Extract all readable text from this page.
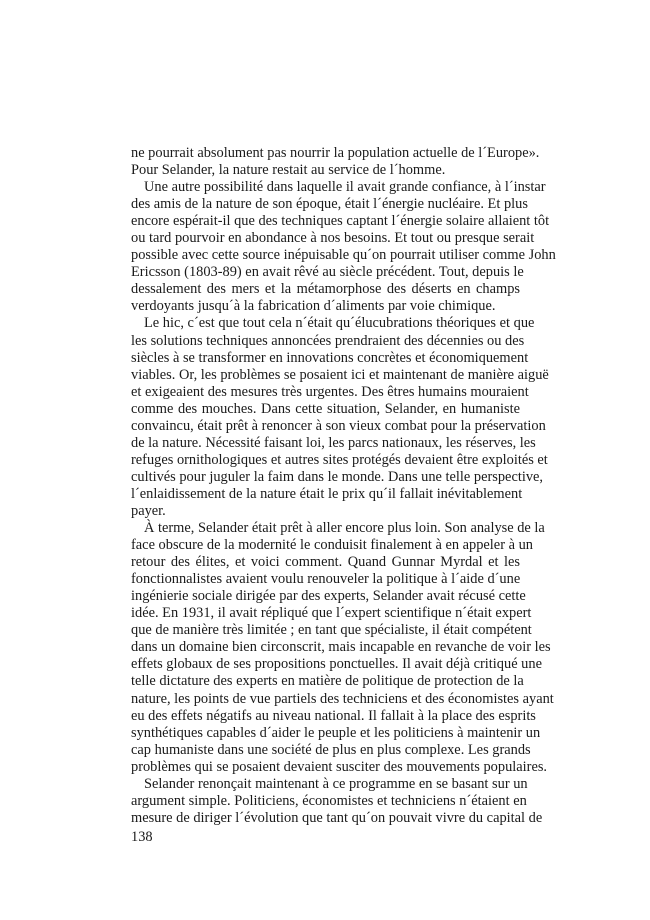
ne pourrait absolument pas nourrir la population actuelle de l´Europe».
Pour Selander, la nature restait au service de l´homme.
Une autre possibilité dans laquelle il avait grande confiance, à l´instar
des amis de la nature de son époque, était l´énergie nucléaire. Et plus
encore espérait-il que des techniques captant l´énergie solaire allaient tôt
ou tard pourvoir en abondance à nos besoins. Et tout ou presque serait
possible avec cette source inépuisable qu´on pourrait utiliser comme John
Ericsson (1803-89) en avait rêvé au siècle précédent. Tout, depuis le
dessalement des mers et la métamorphose des déserts en champs
verdoyants jusqu´à la fabrication d´aliments par voie chimique.
Le hic, c´est que tout cela n´était qu´élucubrations théoriques et que
les solutions techniques annoncées prendraient des décennies ou des
siècles à se transformer en innovations concrètes et économiquement
viables. Or, les problèmes se posaient ici et maintenant de manière aiguë
et exigeaient des mesures très urgentes. Des êtres humains mouraient
comme des mouches. Dans cette situation, Selander, en humaniste
convaincu, était prêt à renoncer à son vieux combat pour la préservation
de la nature. Nécessité faisant loi, les parcs nationaux, les réserves, les
refuges ornithologiques et autres sites protégés devaient être exploités et
cultivés pour juguler la faim dans le monde. Dans une telle perspective,
l´enlaidissement de la nature était le prix qu´il fallait inévitablement
payer.
À terme, Selander était prêt à aller encore plus loin. Son analyse de la
face obscure de la modernité le conduisit finalement à en appeler à un
retour des élites, et voici comment. Quand Gunnar Myrdal et les
fonctionnalistes avaient voulu renouveler la politique à l´aide d´une
ingénierie sociale dirigée par des experts, Selander avait récusé cette
idée. En 1931, il avait répliqué que l´expert scientifique n´était expert
que de manière très limitée ; en tant que spécialiste, il était compétent
dans un domaine bien circonscrit, mais incapable en revanche de voir les
effets globaux de ses propositions ponctuelles. Il avait déjà critiqué une
telle dictature des experts en matière de politique de protection de la
nature, les points de vue partiels des techniciens et des économistes ayant
eu des effets négatifs au niveau national. Il fallait à la place des esprits
synthétiques capables d´aider le peuple et les politiciens à maintenir un
cap humaniste dans une société de plus en plus complexe. Les grands
problèmes qui se posaient devaient susciter des mouvements populaires.
Selander renonçait maintenant à ce programme en se basant sur un
argument simple. Politiciens, économistes et techniciens n´étaient en
mesure de diriger l´évolution que tant qu´on pouvait vivre du capital de
138
